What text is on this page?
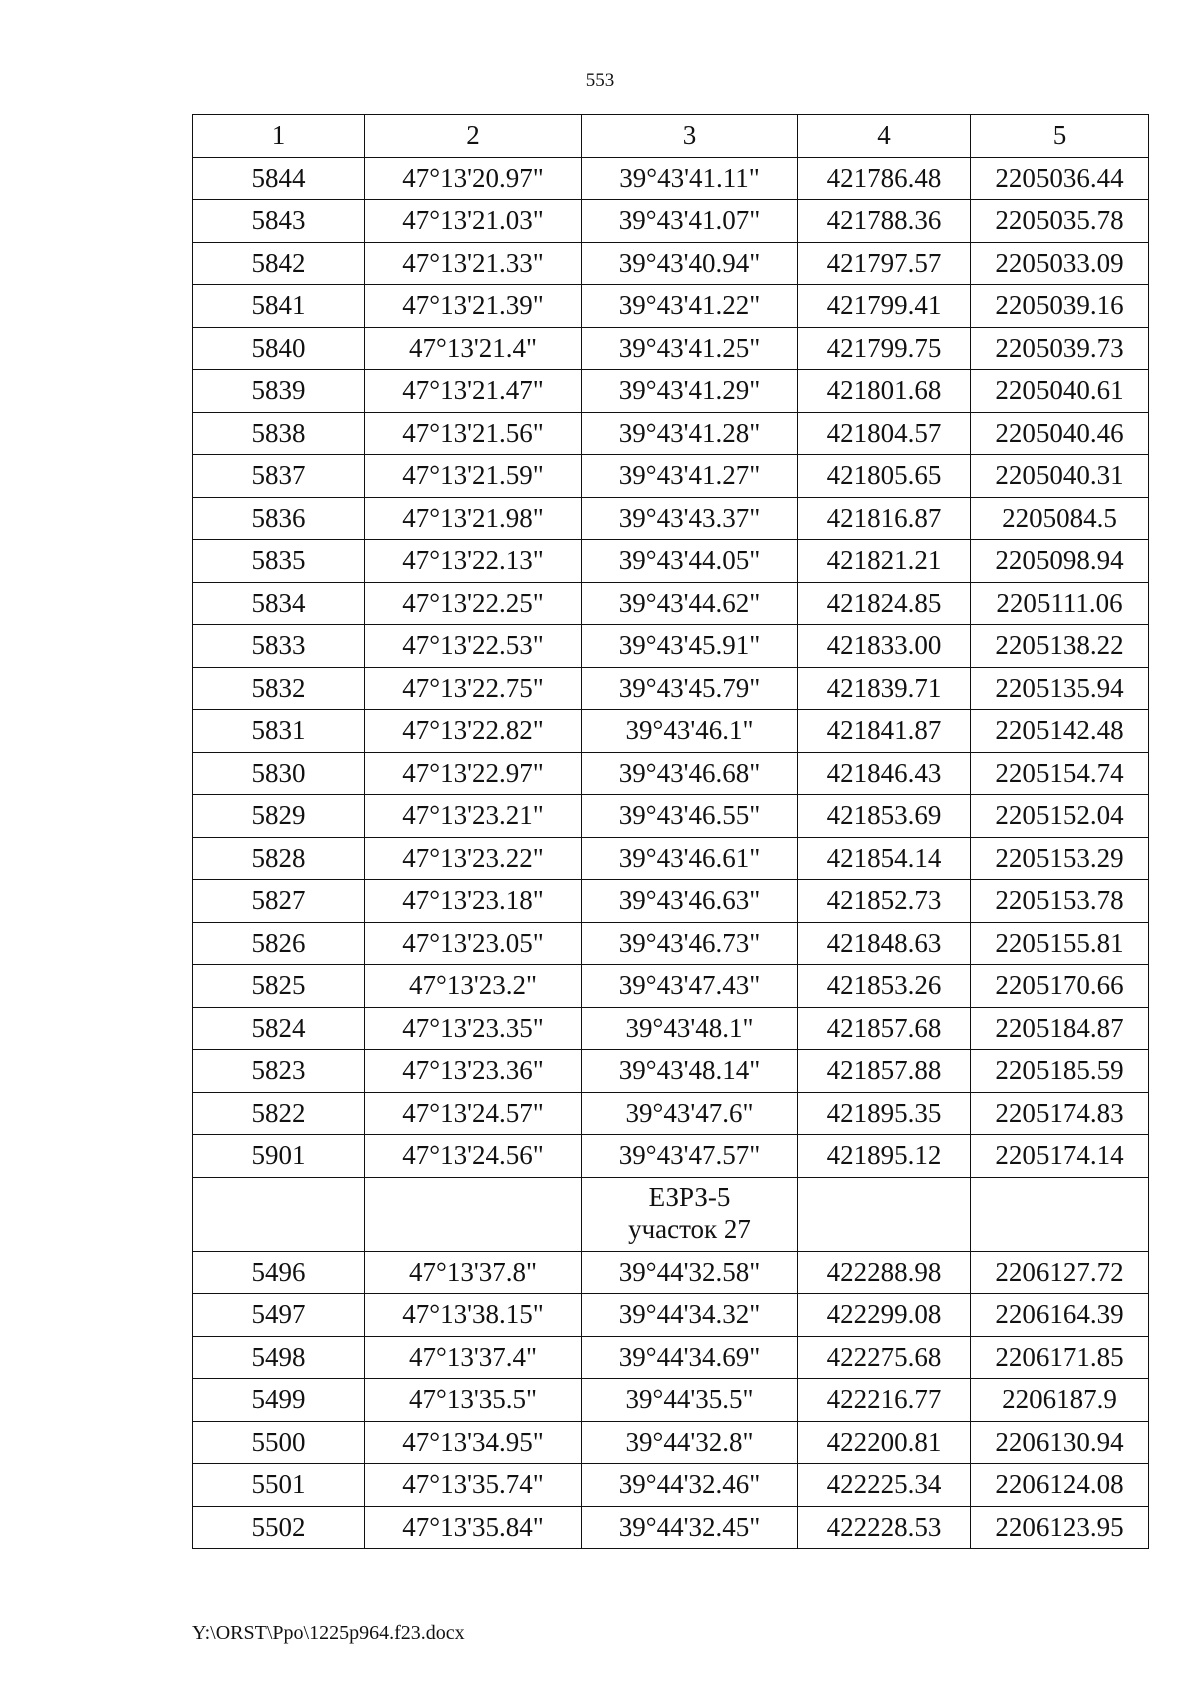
553
1	2	3	4	5
5844	47°13'20.97"	39°43'41.11"	421786.48	2205036.44
5843	47°13'21.03"	39°43'41.07"	421788.36	2205035.78
5842	47°13'21.33"	39°43'40.94"	421797.57	2205033.09
5841	47°13'21.39"	39°43'41.22"	421799.41	2205039.16
5840	47°13'21.4"	39°43'41.25"	421799.75	2205039.73
5839	47°13'21.47"	39°43'41.29"	421801.68	2205040.61
5838	47°13'21.56"	39°43'41.28"	421804.57	2205040.46
5837	47°13'21.59"	39°43'41.27"	421805.65	2205040.31
5836	47°13'21.98"	39°43'43.37"	421816.87	2205084.5
5835	47°13'22.13"	39°43'44.05"	421821.21	2205098.94
5834	47°13'22.25"	39°43'44.62"	421824.85	2205111.06
5833	47°13'22.53"	39°43'45.91"	421833.00	2205138.22
5832	47°13'22.75"	39°43'45.79"	421839.71	2205135.94
5831	47°13'22.82"	39°43'46.1"	421841.87	2205142.48
5830	47°13'22.97"	39°43'46.68"	421846.43	2205154.74
5829	47°13'23.21"	39°43'46.55"	421853.69	2205152.04
5828	47°13'23.22"	39°43'46.61"	421854.14	2205153.29
5827	47°13'23.18"	39°43'46.63"	421852.73	2205153.78
5826	47°13'23.05"	39°43'46.73"	421848.63	2205155.81
5825	47°13'23.2"	39°43'47.43"	421853.26	2205170.66
5824	47°13'23.35"	39°43'48.1"	421857.68	2205184.87
5823	47°13'23.36"	39°43'48.14"	421857.88	2205185.59
5822	47°13'24.57"	39°43'47.6"	421895.35	2205174.83
5901	47°13'24.56"	39°43'47.57"	421895.12	2205174.14

		ЕЗРЗ-5
участок 27		

5496	47°13'37.8"	39°44'32.58"	422288.98	2206127.72
5497	47°13'38.15"	39°44'34.32"	422299.08	2206164.39
5498	47°13'37.4"	39°44'34.69"	422275.68	2206171.85
5499	47°13'35.5"	39°44'35.5"	422216.77	2206187.9
5500	47°13'34.95"	39°44'32.8"	422200.81	2206130.94
5501	47°13'35.74"	39°44'32.46"	422225.34	2206124.08
5502	47°13'35.84"	39°44'32.45"	422228.53	2206123.95
Y:\ORST\Ppo\1225p964.f23.docx
